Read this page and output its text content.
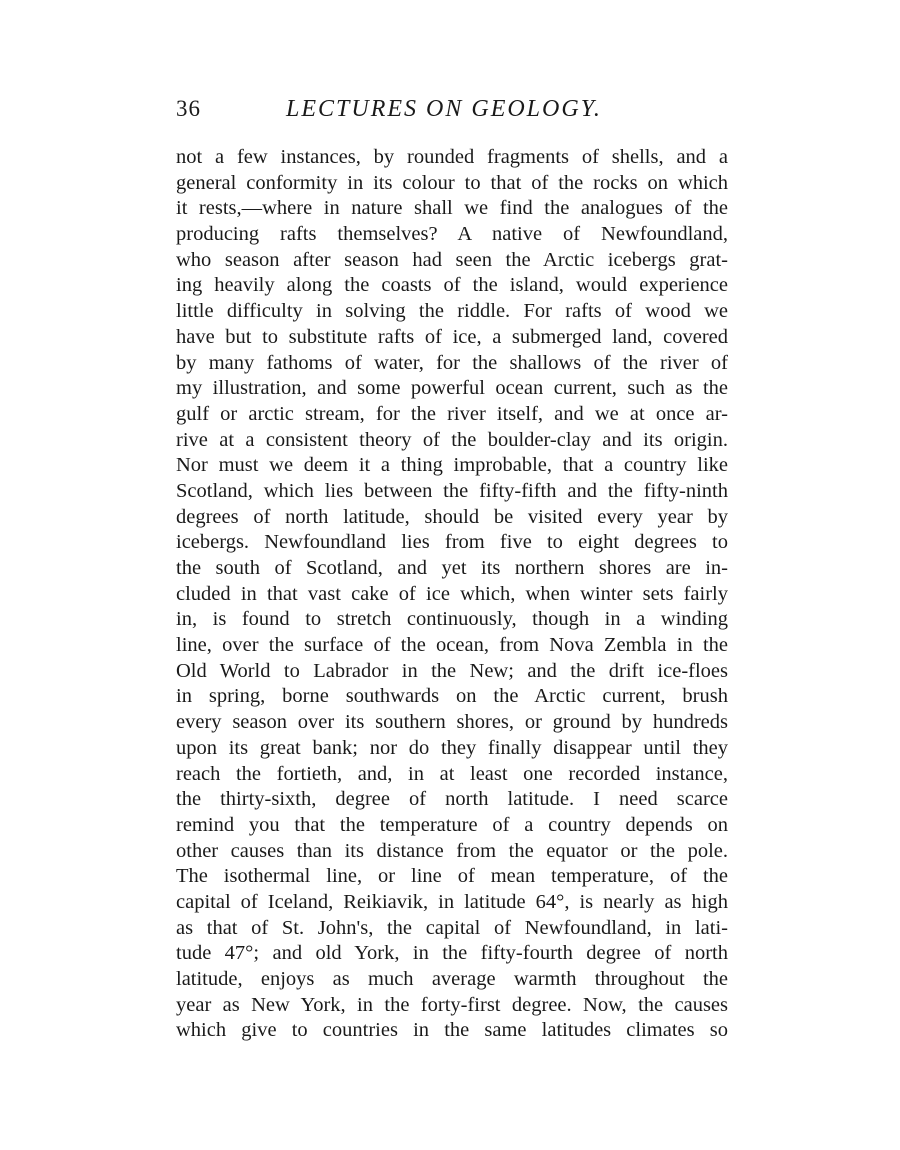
36	LECTURES ON GEOLOGY.
not a few instances, by rounded fragments of shells, and a
general conformity in its colour to that of the rocks on which
it rests,—where in nature shall we find the analogues of the
producing rafts themselves? A native of Newfoundland,
who season after season had seen the Arctic icebergs grat-
ing heavily along the coasts of the island, would experience
little difficulty in solving the riddle. For rafts of wood we
have but to substitute rafts of ice, a submerged land, covered
by many fathoms of water, for the shallows of the river of
my illustration, and some powerful ocean current, such as the
gulf or arctic stream, for the river itself, and we at once ar-
rive at a consistent theory of the boulder-clay and its origin.
Nor must we deem it a thing improbable, that a country like
Scotland, which lies between the fifty-fifth and the fifty-ninth
degrees of north latitude, should be visited every year by
icebergs. Newfoundland lies from five to eight degrees to
the south of Scotland, and yet its northern shores are in-
cluded in that vast cake of ice which, when winter sets fairly
in, is found to stretch continuously, though in a winding
line, over the surface of the ocean, from Nova Zembla in the
Old World to Labrador in the New; and the drift ice-floes
in spring, borne southwards on the Arctic current, brush
every season over its southern shores, or ground by hundreds
upon its great bank; nor do they finally disappear until they
reach the fortieth, and, in at least one recorded instance,
the thirty-sixth, degree of north latitude. I need scarce
remind you that the temperature of a country depends on
other causes than its distance from the equator or the pole.
The isothermal line, or line of mean temperature, of the
capital of Iceland, Reikiavik, in latitude 64°, is nearly as high
as that of St. John's, the capital of Newfoundland, in lati-
tude 47°; and old York, in the fifty-fourth degree of north
latitude, enjoys as much average warmth throughout the
year as New York, in the forty-first degree. Now, the causes
which give to countries in the same latitudes climates so
